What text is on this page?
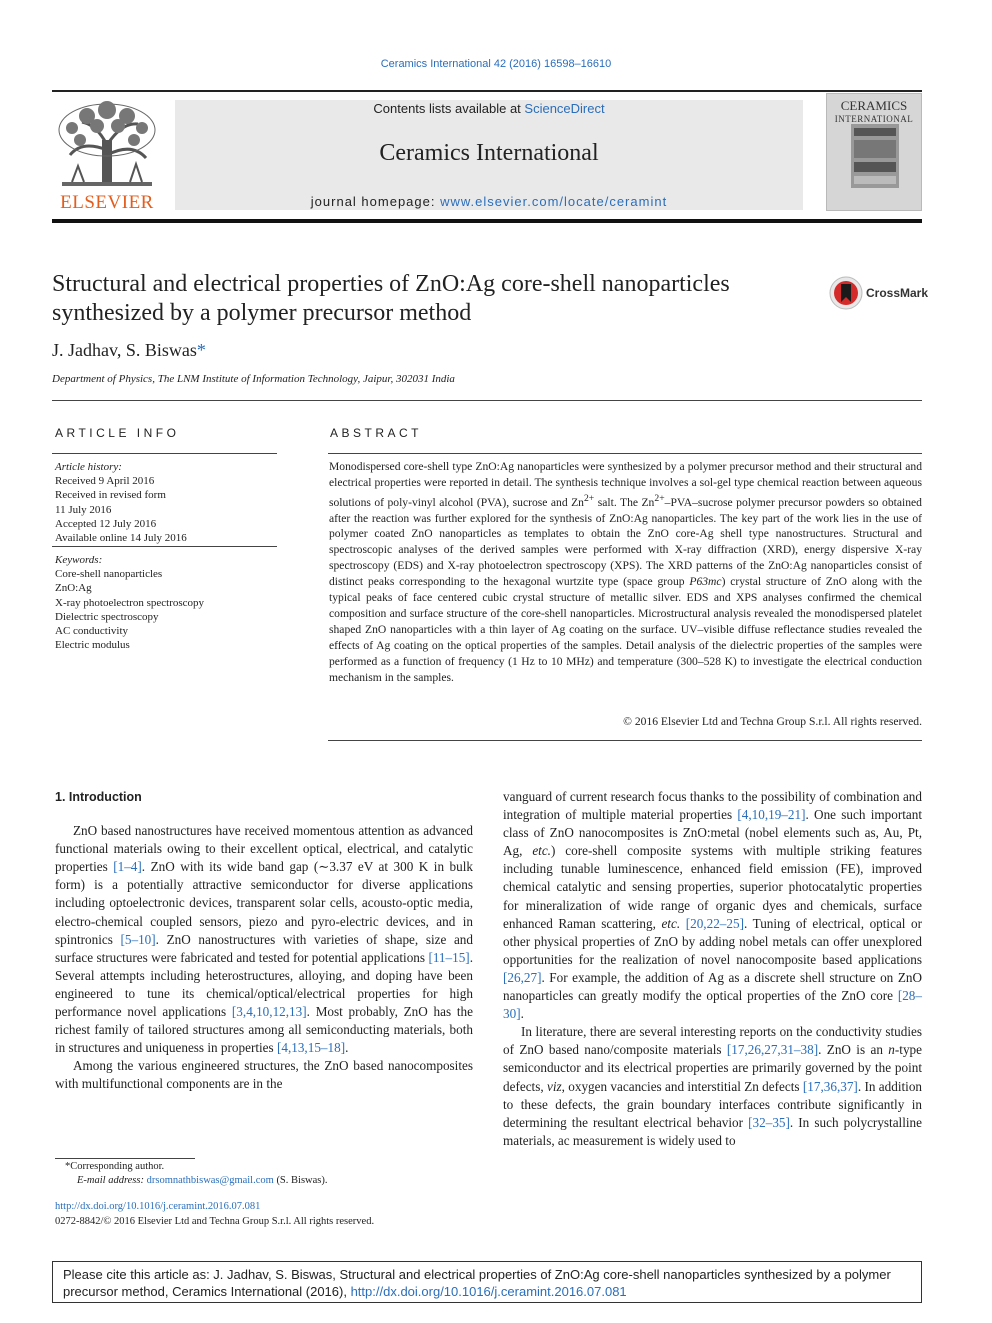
Ceramics International 42 (2016) 16598–16610
ELSEVIER
Contents lists available at ScienceDirect
Ceramics International
journal homepage: www.elsevier.com/locate/ceramint
CERAMICS
INTERNATIONAL
Structural and electrical properties of ZnO:Ag core-shell nanoparticles synthesized by a polymer precursor method
CrossMark
J. Jadhav, S. Biswas*
Department of Physics, The LNM Institute of Information Technology, Jaipur, 302031 India
ARTICLE INFO
Article history:
Received 9 April 2016
Received in revised form
11 July 2016
Accepted 12 July 2016
Available online 14 July 2016
Keywords:
Core-shell nanoparticles
ZnO:Ag
X-ray photoelectron spectroscopy
Dielectric spectroscopy
AC conductivity
Electric modulus
ABSTRACT
Monodispersed core-shell type ZnO:Ag nanoparticles were synthesized by a polymer precursor method and their structural and electrical properties were reported in detail. The synthesis technique involves a sol-gel type chemical reaction between aqueous solutions of poly-vinyl alcohol (PVA), sucrose and $Zn^{2+}$ salt. The $Zn^{2+}-PVA$–sucrose polymer precursor powders so obtained after the reaction was further explored for the synthesis of ZnO:Ag nanoparticles. The key part of the work lies in the use of polymer coated ZnO nanoparticles as templates to obtain the ZnO core-Ag shell type nanostructures. Structural and spectroscopic analyses of the derived samples were performed with X-ray diffraction (XRD), energy dispersive X-ray spectroscopy (EDS) and X-ray photoelectron spectroscopy (XPS). The XRD patterns of the ZnO:Ag nanoparticles consist of distinct peaks corresponding to the hexagonal wurtzite type (space group P63mc) crystal structure of ZnO along with the typical peaks of face centered cubic crystal structure of metallic silver. EDS and XPS analyses confirmed the chemical composition and surface structure of the core-shell nanoparticles. Microstructural analysis revealed the monodispersed platelet shaped ZnO nanoparticles with a thin layer of Ag coating on the surface. UV–visible diffuse reflectance studies revealed the effects of Ag coating on the optical properties of the samples. Detail analysis of the dielectric properties of the samples were performed as a function of frequency (1 Hz to 10 MHz) and temperature (300–528 K) to investigate the electrical conduction mechanism in the samples.
© 2016 Elsevier Ltd and Techna Group S.r.l. All rights reserved.
1. Introduction

ZnO based nanostructures have received momentous attention as advanced functional materials owing to their excellent optical, electrical, and catalytic properties [1–4]. ZnO with its wide band gap (∼3.37 eV at 300 K in bulk form) is a potentially attractive semiconductor for diverse applications including optoelectronic devices, transparent solar cells, acousto-optic media, electro-chemical coupled sensors, piezo and pyro-electric devices, and in spintronics [5–10]. ZnO nanostructures with varieties of shape, size and surface structures were fabricated and tested for potential applications [11–15]. Several attempts including heterostructures, alloying, and doping have been engineered to tune its chemical/optical/electrical properties for high performance novel applications [3,4,10,12,13]. Most probably, ZnO has the richest family of tailored structures among all semiconducting materials, both in structures and uniqueness in properties [4,13,15–18].

Among the various engineered structures, the ZnO based nanocomposites with multifunctional components are in the

vanguard of current research focus thanks to the possibility of combination and integration of multiple material properties [4,10,19–21]. One such important class of ZnO nanocomposites is ZnO:metal (nobel elements such as, Au, Pt, Ag, etc.) core-shell composite systems with multiple striking features including tunable luminescence, enhanced field emission (FE), improved chemical catalytic and sensing properties, superior photocatalytic properties for mineralization of wide range of organic dyes and chemicals, surface enhanced Raman scattering, etc. [20,22–25]. Tuning of electrical, optical or other physical properties of ZnO by adding nobel metals can offer unexplored opportunities for the realization of novel nanocomposite based applications [26,27]. For example, the addition of Ag as a discrete shell structure on ZnO nanoparticles can greatly modify the optical properties of the ZnO core [28–30].

In literature, there are several interesting reports on the conductivity studies of ZnO based nano/composite materials [17,26,27,31–38]. ZnO is an n-type semiconductor and its electrical properties are primarily governed by the point defects, viz, oxygen vacancies and interstitial Zn defects [17,36,37]. In addition to these defects, the grain boundary interfaces contribute significantly in determining the resultant electrical behavior [32–35]. In such polycrystalline materials, ac measurement is widely used to

*Corresponding author.
E-mail address: drsomnathbiswas@gmail.com (S. Biswas).
http://dx.doi.org/10.1016/j.ceramint.2016.07.081
0272-8842/© 2016 Elsevier Ltd and Techna Group S.r.l. All rights reserved.
Please cite this article as: J. Jadhav, S. Biswas, Structural and electrical properties of ZnO:Ag core-shell nanoparticles synthesized by a polymer precursor method, Ceramics International (2016), http://dx.doi.org/10.1016/j.ceramint.2016.07.081
